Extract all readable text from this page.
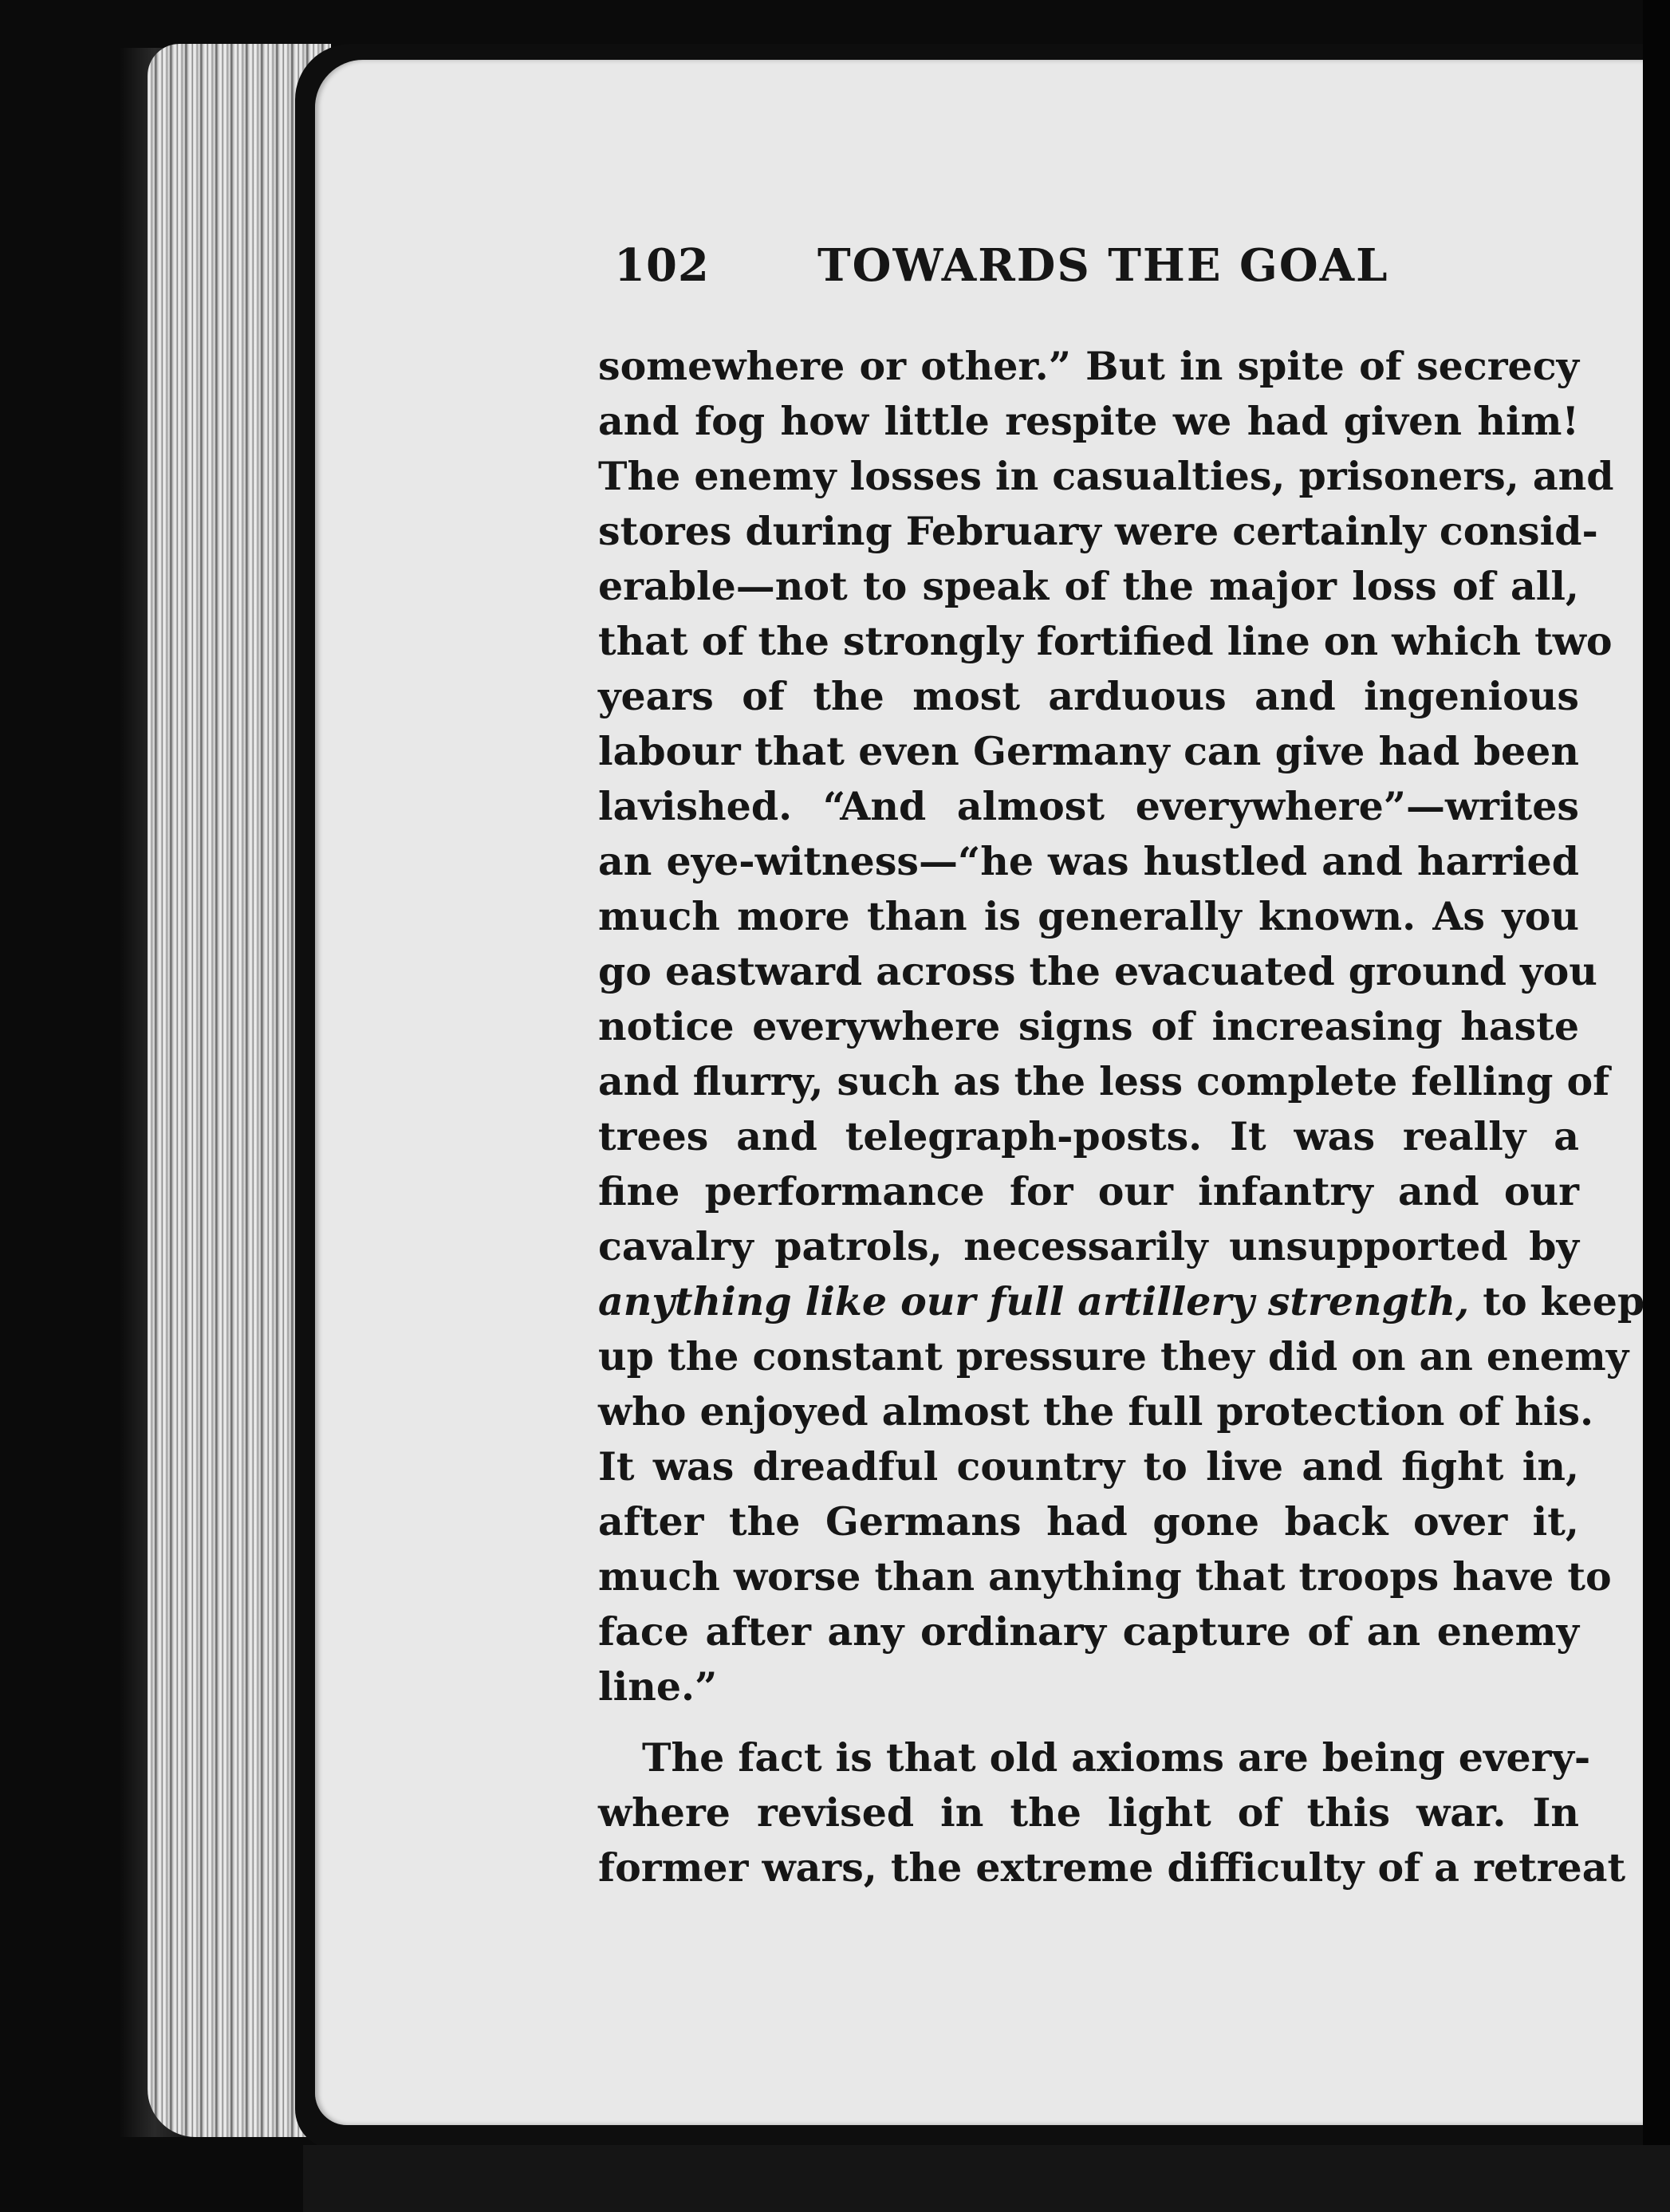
102 TOWARDS THE GOAL
somewhere or other.” But in spite of secrecy
and fog how little respite we had given him!
The enemy losses in casualties, prisoners, and
stores during February were certainly consid-
erable—not to speak of the major loss of all,
that of the strongly fortified line on which two
years of the most arduous and ingenious
labour that even Germany can give had been
lavished. “And almost everywhere”—writes
an eye-witness—“he was hustled and harried
much more than is generally known. As you
go eastward across the evacuated ground you
notice everywhere signs of increasing haste
and flurry, such as the less complete felling of
trees and telegraph-posts. It was really a
fine performance for our infantry and our
cavalry patrols, necessarily unsupported by
anything like our full artillery strength, to keep
up the constant pressure they did on an enemy
who enjoyed almost the full protection of his.
It was dreadful country to live and fight in,
after the Germans had gone back over it,
much worse than anything that troops have to
face after any ordinary capture of an enemy
line.”
The fact is that old axioms are being every-
where revised in the light of this war. In
former wars, the extreme difficulty of a retreat
